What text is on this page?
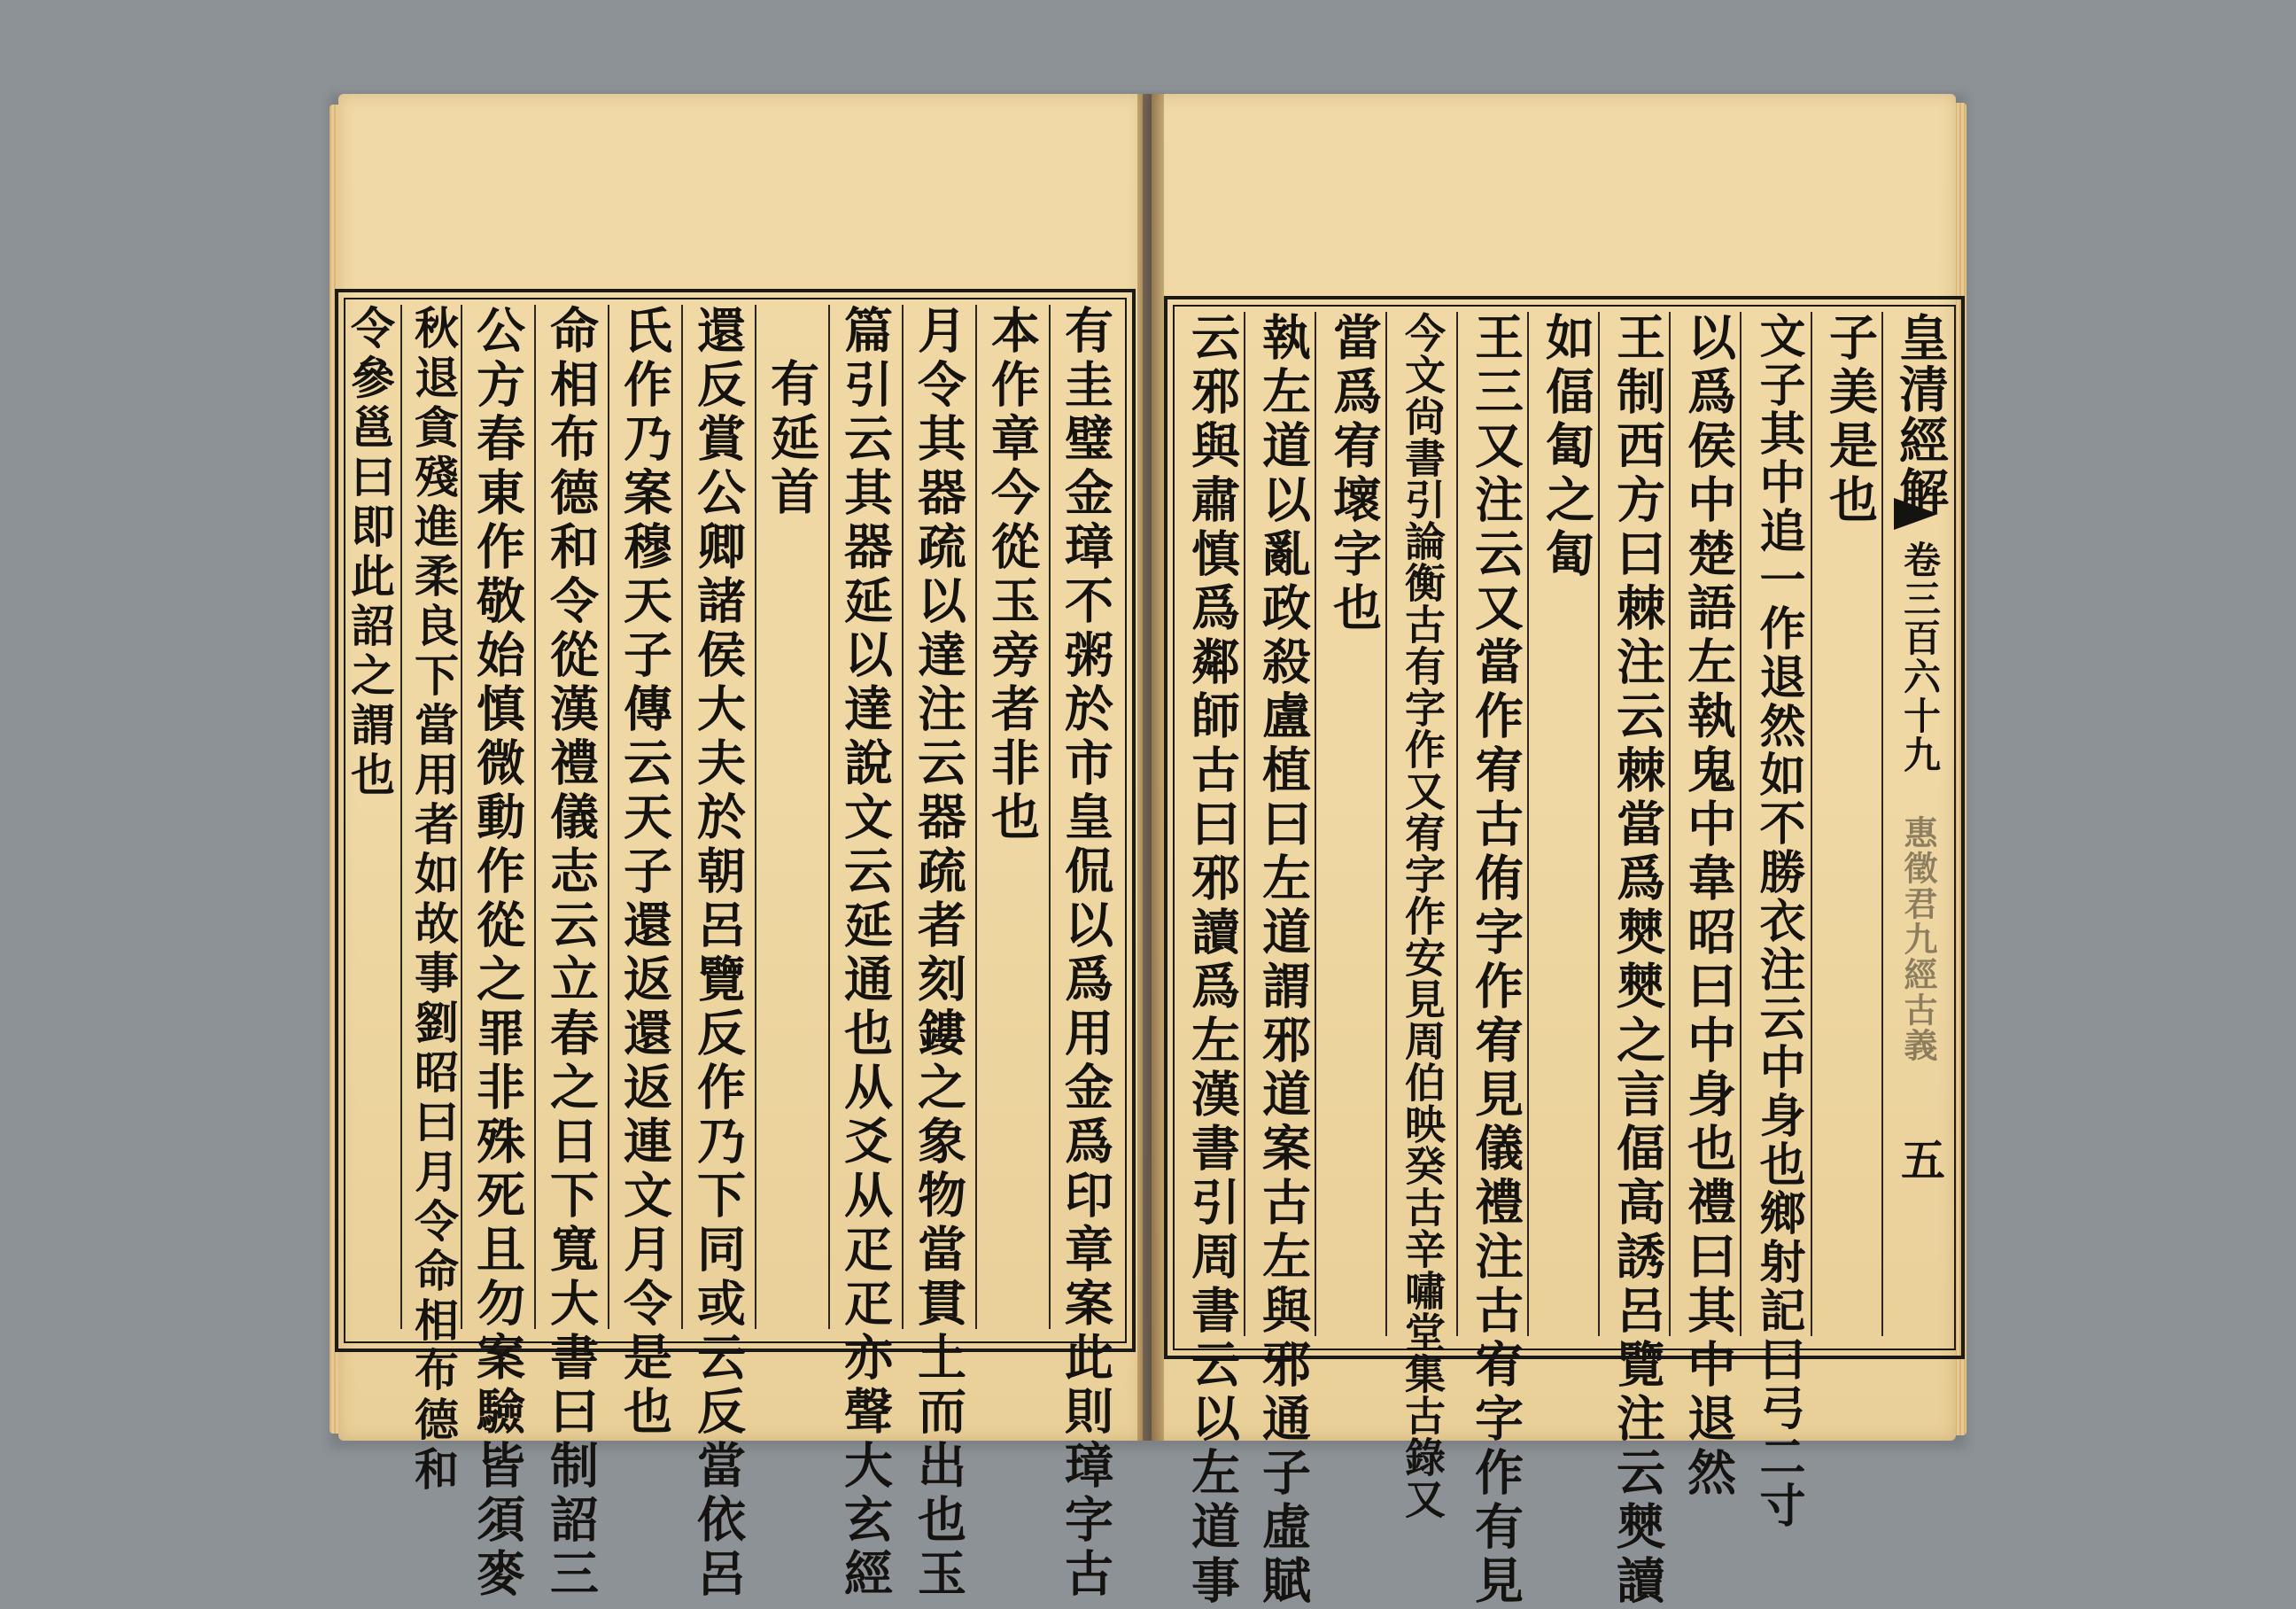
有圭璧金璋不粥於市皇侃以爲用金爲印章案此則璋字古
本作章今從玉旁者非也
月令其器疏以達注云器疏者刻鏤之象物當貫土而出也玉
篇引云其器延以達說文云延通也从爻从疋疋亦聲大玄經
有延首
還反賞公卿諸侯大夫於朝呂覽反作乃下同或云反當依呂
氏作乃案穆天子傳云天子還返還返連文月令是也
命相布德和令從漢禮儀志云立春之日下寬大書曰制詔三
公方春東作敬始慎微動作從之罪非殊死且勿案驗皆須麥
秋退貪殘進柔良下當用者如故事劉昭曰月令命相布德和
令參邕曰即此詔之謂也	皇清經解
卷三百六十九
惠徵君九經古義
五
子美是也
文子其中追一作退然如不勝衣注云中身也鄉射記曰弓二寸
以爲侯中楚語左執鬼中韋昭曰中身也禮曰其中退然
王制西方曰棘注云棘當爲僰僰之言偪高誘呂覽注云僰讀
如偪匐之匐
王三又注云又當作宥古侑字作宥見儀禮注古宥字作有見
今文尙書引論衡古有字作又宥字作安見周伯映癸古辛嘯堂集古錄又
當爲宥壞字也
執左道以亂政殺盧植曰左道謂邪道案古左與邪通子虛賦
云邪與肅慎爲鄰師古曰邪讀爲左漢書引周書云以左道事
